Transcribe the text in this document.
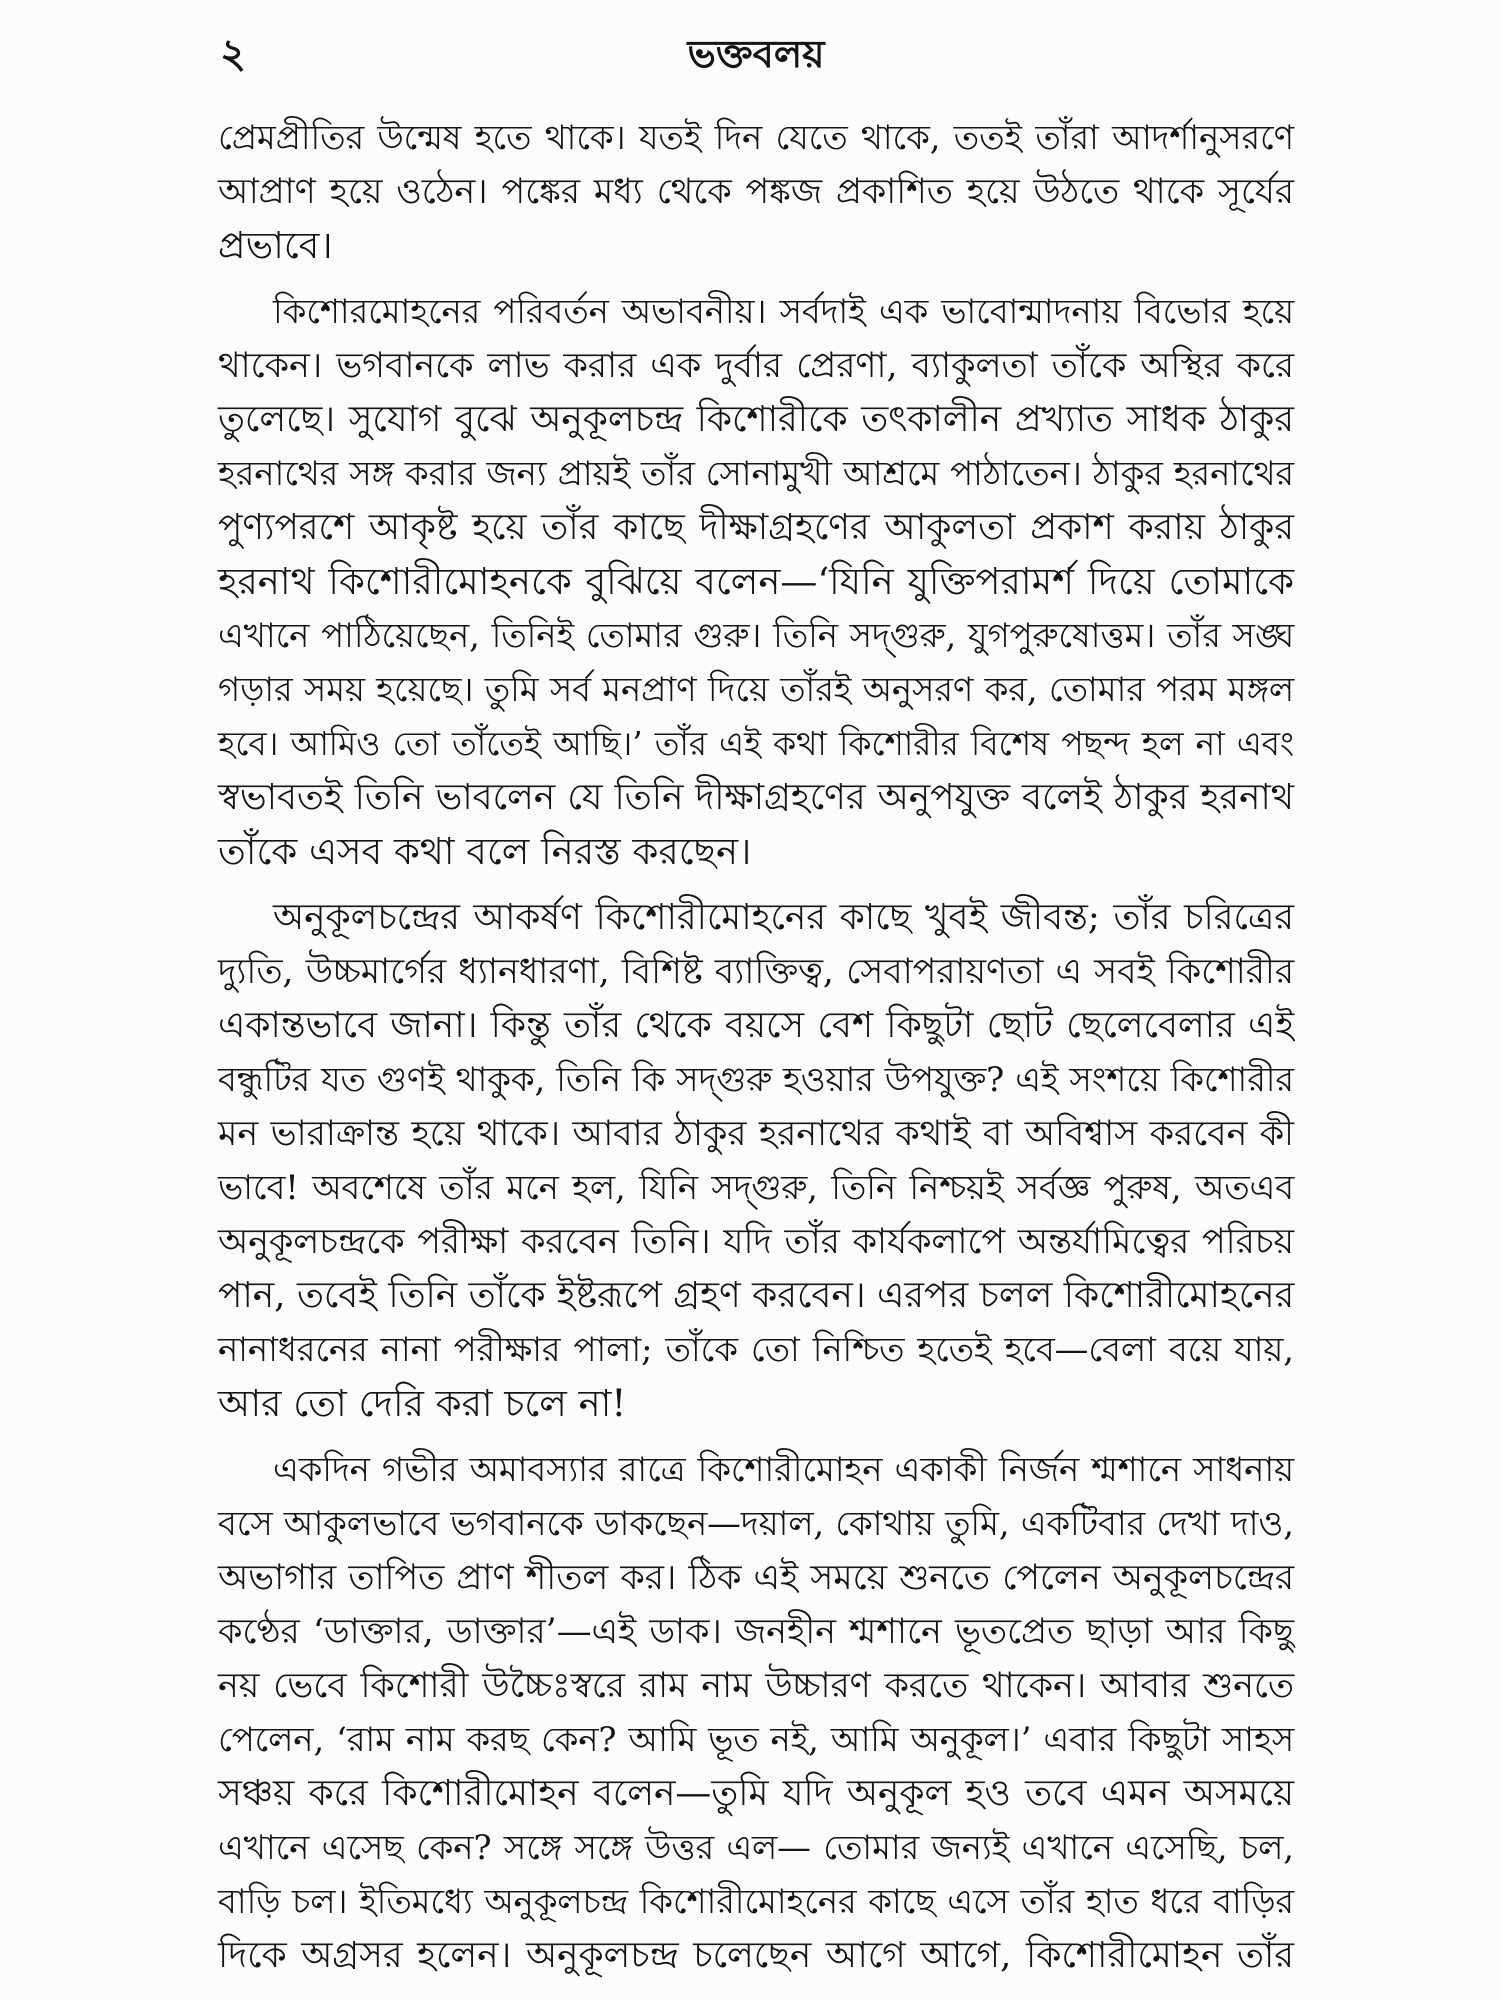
২	ভক্তবলয়
প্রেমপ্রীতির উন্মেষ হতে থাকে। যতই দিন যেতে থাকে, ততই তাঁরা আদর্শানুসরণে
আপ্রাণ হয়ে ওঠেন। পঙ্কের মধ্য থেকে পঙ্কজ প্রকাশিত হয়ে উঠতে থাকে সূর্যের
প্রভাবে।
কিশোরমোহনের পরিবর্তন অভাবনীয়। সর্বদাই এক ভাবোন্মাদনায় বিভোর হয়ে
থাকেন। ভগবানকে লাভ করার এক দুর্বার প্রেরণা, ব্যাকুলতা তাঁকে অস্থির করে
তুলেছে। সুযোগ বুঝে অনুকূলচন্দ্র কিশোরীকে তৎকালীন প্রখ্যাত সাধক ঠাকুর
হরনাথের সঙ্গ করার জন্য প্রায়ই তাঁর সোনামুখী আশ্রমে পাঠাতেন। ঠাকুর হরনাথের
পুণ্যপরশে আকৃষ্ট হয়ে তাঁর কাছে দীক্ষাগ্রহণের আকুলতা প্রকাশ করায় ঠাকুর
হরনাথ কিশোরীমোহনকে বুঝিয়ে বলেন—‘যিনি যুক্তিপরামর্শ দিয়ে তোমাকে
এখানে পাঠিয়েছেন, তিনিই তোমার গুরু। তিনি সদ্‌গুরু, যুগপুরুষোত্তম। তাঁর সঙ্ঘ
গড়ার সময় হয়েছে। তুমি সর্ব মনপ্রাণ দিয়ে তাঁরই অনুসরণ কর, তোমার পরম মঙ্গল
হবে। আমিও তো তাঁতেই আছি।’ তাঁর এই কথা কিশোরীর বিশেষ পছন্দ হল না এবং
স্বভাবতই তিনি ভাবলেন যে তিনি দীক্ষাগ্রহণের অনুপযুক্ত বলেই ঠাকুর হরনাথ
তাঁকে এসব কথা বলে নিরস্ত করছেন।
অনুকূলচন্দ্রের আকর্ষণ কিশোরীমোহনের কাছে খুবই জীবন্ত; তাঁর চরিত্রের
দ্যুতি, উচ্চমার্গের ধ্যানধারণা, বিশিষ্ট ব্যাক্তিত্ব, সেবাপরায়ণতা এ সবই কিশোরীর
একান্তভাবে জানা। কিন্তু তাঁর থেকে বয়সে বেশ কিছুটা ছোট ছেলেবেলার এই
বন্ধুটির যত গুণই থাকুক, তিনি কি সদ্‌গুরু হওয়ার উপযুক্ত? এই সংশয়ে কিশোরীর
মন ভারাক্রান্ত হয়ে থাকে। আবার ঠাকুর হরনাথের কথাই বা অবিশ্বাস করবেন কী
ভাবে! অবশেষে তাঁর মনে হল, যিনি সদ্‌গুরু, তিনি নিশ্চয়ই সর্বজ্ঞ পুরুষ, অতএব
অনুকূলচন্দ্রকে পরীক্ষা করবেন তিনি। যদি তাঁর কার্যকলাপে অন্তর্যামিত্বের পরিচয়
পান, তবেই তিনি তাঁকে ইষ্টরূপে গ্রহণ করবেন। এরপর চলল কিশোরীমোহনের
নানাধরনের নানা পরীক্ষার পালা; তাঁকে তো নিশ্চিত হতেই হবে—বেলা বয়ে যায়,
আর তো দেরি করা চলে না!
একদিন গভীর অমাবস্যার রাত্রে কিশোরীমোহন একাকী নির্জন শ্মশানে সাধনায়
বসে আকুলভাবে ভগবানকে ডাকছেন—দয়াল, কোথায় তুমি, একটিবার দেখা দাও,
অভাগার তাপিত প্রাণ শীতল কর। ঠিক এই সময়ে শুনতে পেলেন অনুকূলচন্দ্রের
কণ্ঠের ‘ডাক্তার, ডাক্তার’—এই ডাক। জনহীন শ্মশানে ভূতপ্রেত ছাড়া আর কিছু
নয় ভেবে কিশোরী উচ্চৈঃস্বরে রাম নাম উচ্চারণ করতে থাকেন। আবার শুনতে
পেলেন, ‘রাম নাম করছ কেন? আমি ভূত নই, আমি অনুকূল।’ এবার কিছুটা সাহস
সঞ্চয় করে কিশোরীমোহন বলেন—তুমি যদি অনুকূল হও তবে এমন অসময়ে
এখানে এসেছ কেন? সঙ্গে সঙ্গে উত্তর এল— তোমার জন্যই এখানে এসেছি, চল,
বাড়ি চল। ইতিমধ্যে অনুকূলচন্দ্র কিশোরীমোহনের কাছে এসে তাঁর হাত ধরে বাড়ির
দিকে অগ্রসর হলেন। অনুকূলচন্দ্র চলেছেন আগে আগে, কিশোরীমোহন তাঁর
